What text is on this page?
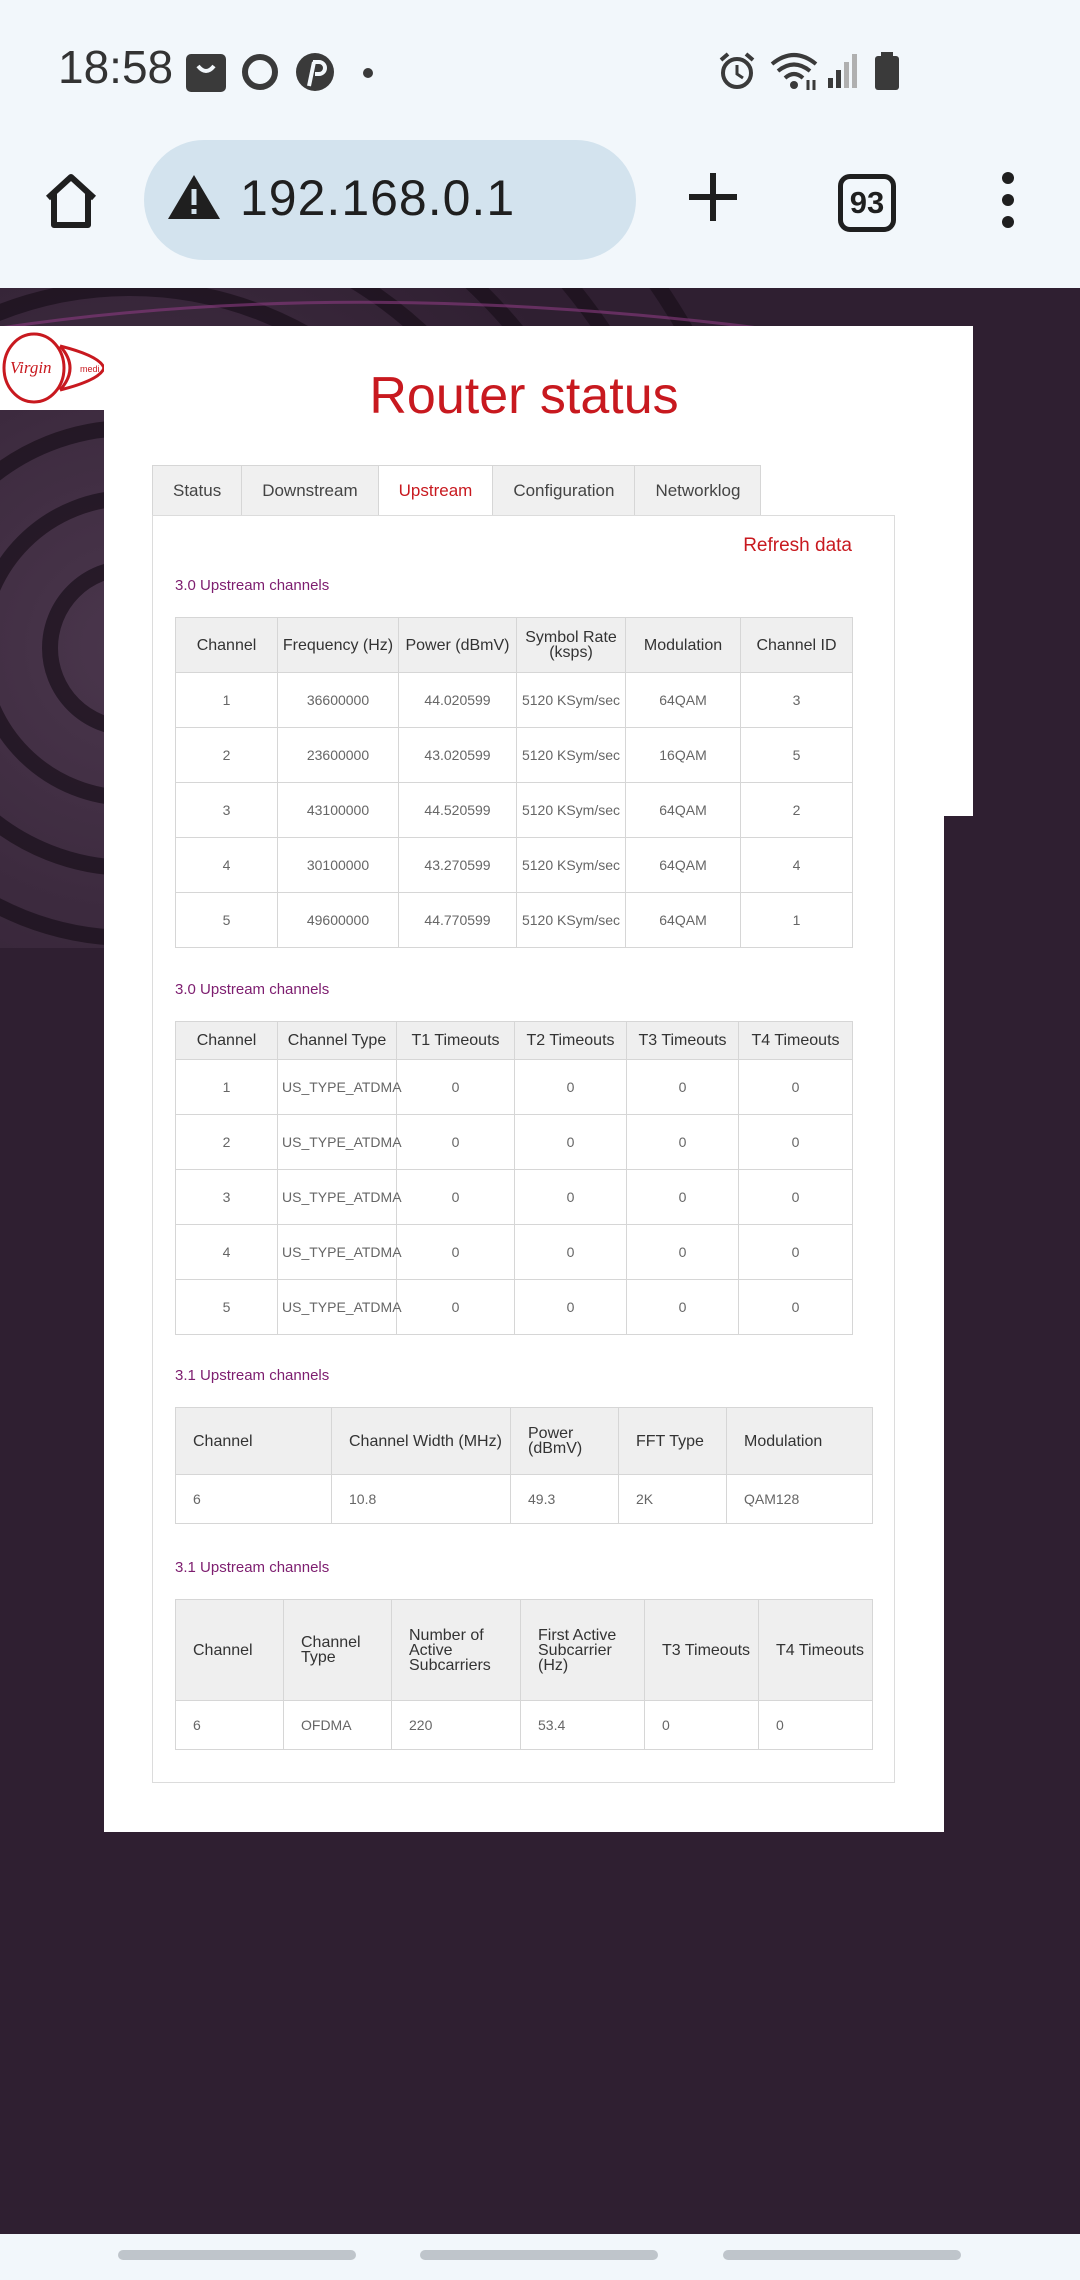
18:58
192.168.0.1	93
Virgin	medi	Router status
Status	Downstream	Upstream	Configuration	Networklog
Refresh data
3.0 Upstream channels
Channel	Frequency (Hz)	Power (dBmV)	Symbol Rate (ksps)	Modulation	Channel ID
1	36600000	44.020599	5120 KSym/sec	64QAM	3
2	23600000	43.020599	5120 KSym/sec	16QAM	5
3	43100000	44.520599	5120 KSym/sec	64QAM	2
4	30100000	43.270599	5120 KSym/sec	64QAM	4
5	49600000	44.770599	5120 KSym/sec	64QAM	1
3.0 Upstream channels
Channel	Channel Type	T1 Timeouts	T2 Timeouts	T3 Timeouts	T4 Timeouts
1	US_TYPE_ATDMA	0	0	0	0
2	US_TYPE_ATDMA	0	0	0	0
3	US_TYPE_ATDMA	0	0	0	0
4	US_TYPE_ATDMA	0	0	0	0
5	US_TYPE_ATDMA	0	0	0	0
3.1 Upstream channels
Channel	Channel Width (MHz)	Power (dBmV)	FFT Type	Modulation
6	10.8	49.3	2K	QAM128
3.1 Upstream channels
Channel	Channel Type	Number of Active Subcarriers	First Active Subcarrier (Hz)	T3 Timeouts	T4 Timeouts
6	OFDMA	220	53.4	0	0
